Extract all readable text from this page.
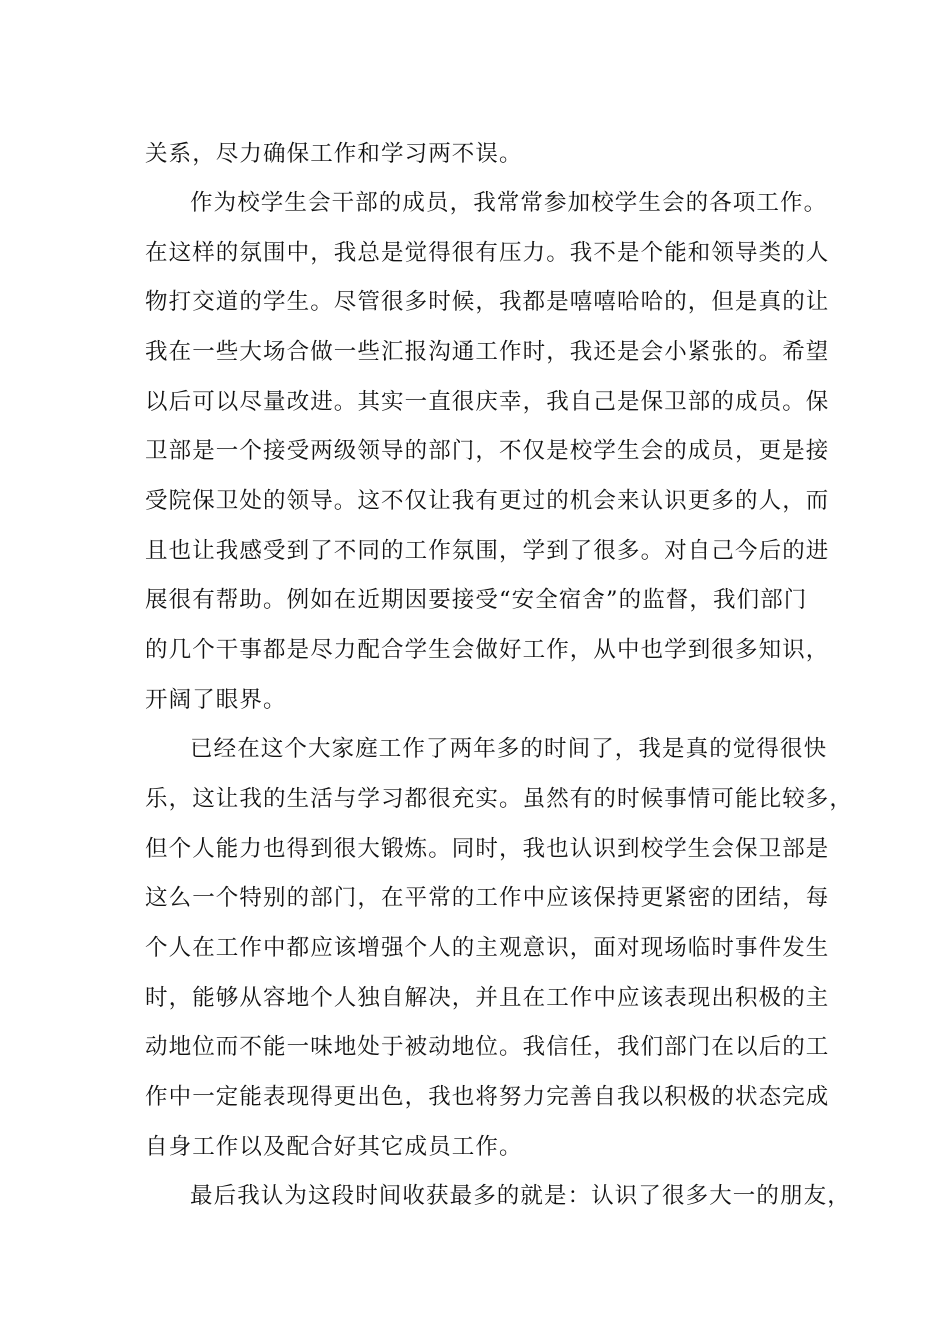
关系，尽力确保工作和学习两不误。
作为校学生会干部的成员，我常常参加校学生会的各项工作。
在这样的氛围中，我总是觉得很有压力。我不是个能和领导类的人
物打交道的学生。尽管很多时候，我都是嘻嘻哈哈的，但是真的让
我在一些大场合做一些汇报沟通工作时，我还是会小紧张的。希望
以后可以尽量改进。其实一直很庆幸，我自己是保卫部的成员。保
卫部是一个接受两级领导的部门，不仅是校学生会的成员，更是接
受院保卫处的领导。这不仅让我有更过的机会来认识更多的人，而
且也让我感受到了不同的工作氛围，学到了很多。对自己今后的进
展很有帮助。例如在近期因要接受“安全宿舍”的监督，我们部门
的几个干事都是尽力配合学生会做好工作，从中也学到很多知识，
开阔了眼界。
已经在这个大家庭工作了两年多的时间了，我是真的觉得很快
乐，这让我的生活与学习都很充实。虽然有的时候事情可能比较多，
但个人能力也得到很大锻炼。同时，我也认识到校学生会保卫部是
这么一个特别的部门，在平常的工作中应该保持更紧密的团结，每
个人在工作中都应该增强个人的主观意识，面对现场临时事件发生
时，能够从容地个人独自解决，并且在工作中应该表现出积极的主
动地位而不能一味地处于被动地位。我信任，我们部门在以后的工
作中一定能表现得更出色，我也将努力完善自我以积极的状态完成
自身工作以及配合好其它成员工作。
最后我认为这段时间收获最多的就是：认识了很多大一的朋友，
